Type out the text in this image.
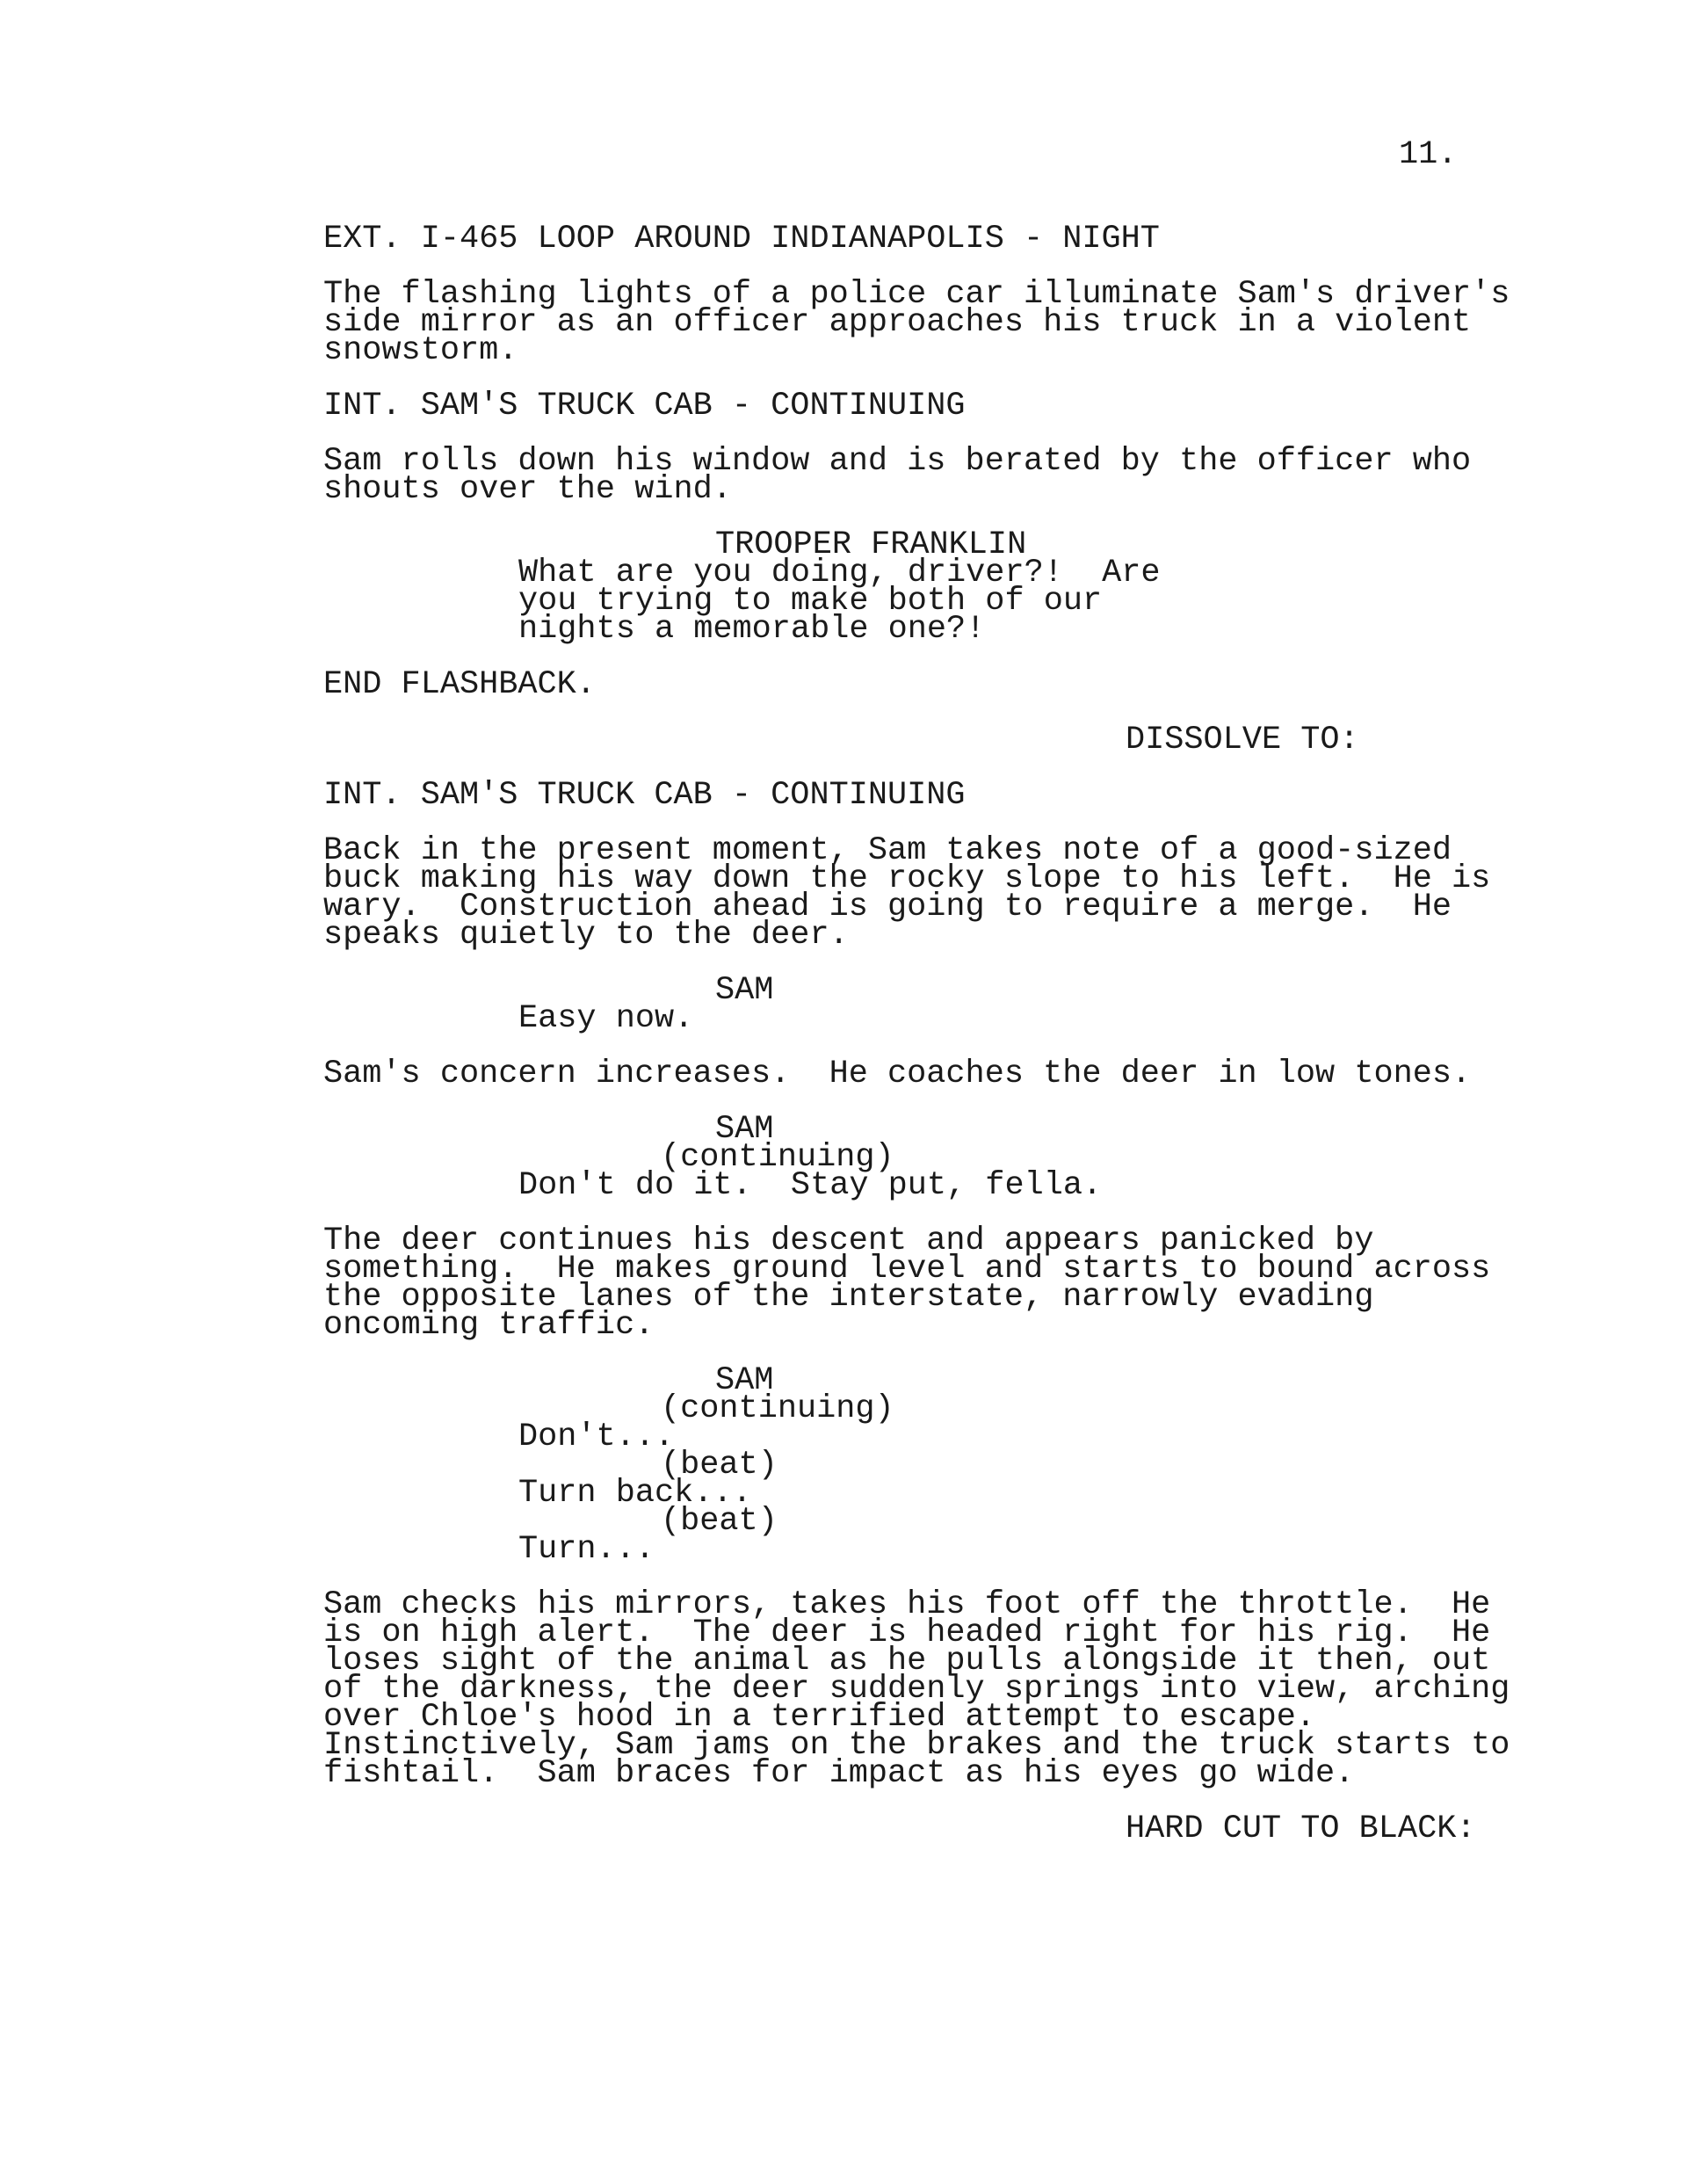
11.
EXT. I-465 LOOP AROUND INDIANAPOLIS - NIGHT
The flashing lights of a police car illuminate Sam's driver's
side mirror as an officer approaches his truck in a violent
snowstorm.
INT. SAM'S TRUCK CAB - CONTINUING
Sam rolls down his window and is berated by the officer who
shouts over the wind.
TROOPER FRANKLIN
What are you doing, driver?!  Are
you trying to make both of our
nights a memorable one?!
END FLASHBACK.
DISSOLVE TO:
INT. SAM'S TRUCK CAB - CONTINUING
Back in the present moment, Sam takes note of a good-sized
buck making his way down the rocky slope to his left.  He is
wary.  Construction ahead is going to require a merge.  He
speaks quietly to the deer.
SAM
Easy now.
Sam's concern increases.  He coaches the deer in low tones.
SAM
(continuing)
Don't do it.  Stay put, fella.
The deer continues his descent and appears panicked by
something.  He makes ground level and starts to bound across
the opposite lanes of the interstate, narrowly evading
oncoming traffic.
SAM
(continuing)
Don't...
(beat)
Turn back...
(beat)
Turn...
Sam checks his mirrors, takes his foot off the throttle.  He
is on high alert.  The deer is headed right for his rig.  He
loses sight of the animal as he pulls alongside it then, out
of the darkness, the deer suddenly springs into view, arching
over Chloe's hood in a terrified attempt to escape.
Instinctively, Sam jams on the brakes and the truck starts to
fishtail.  Sam braces for impact as his eyes go wide.
HARD CUT TO BLACK:
